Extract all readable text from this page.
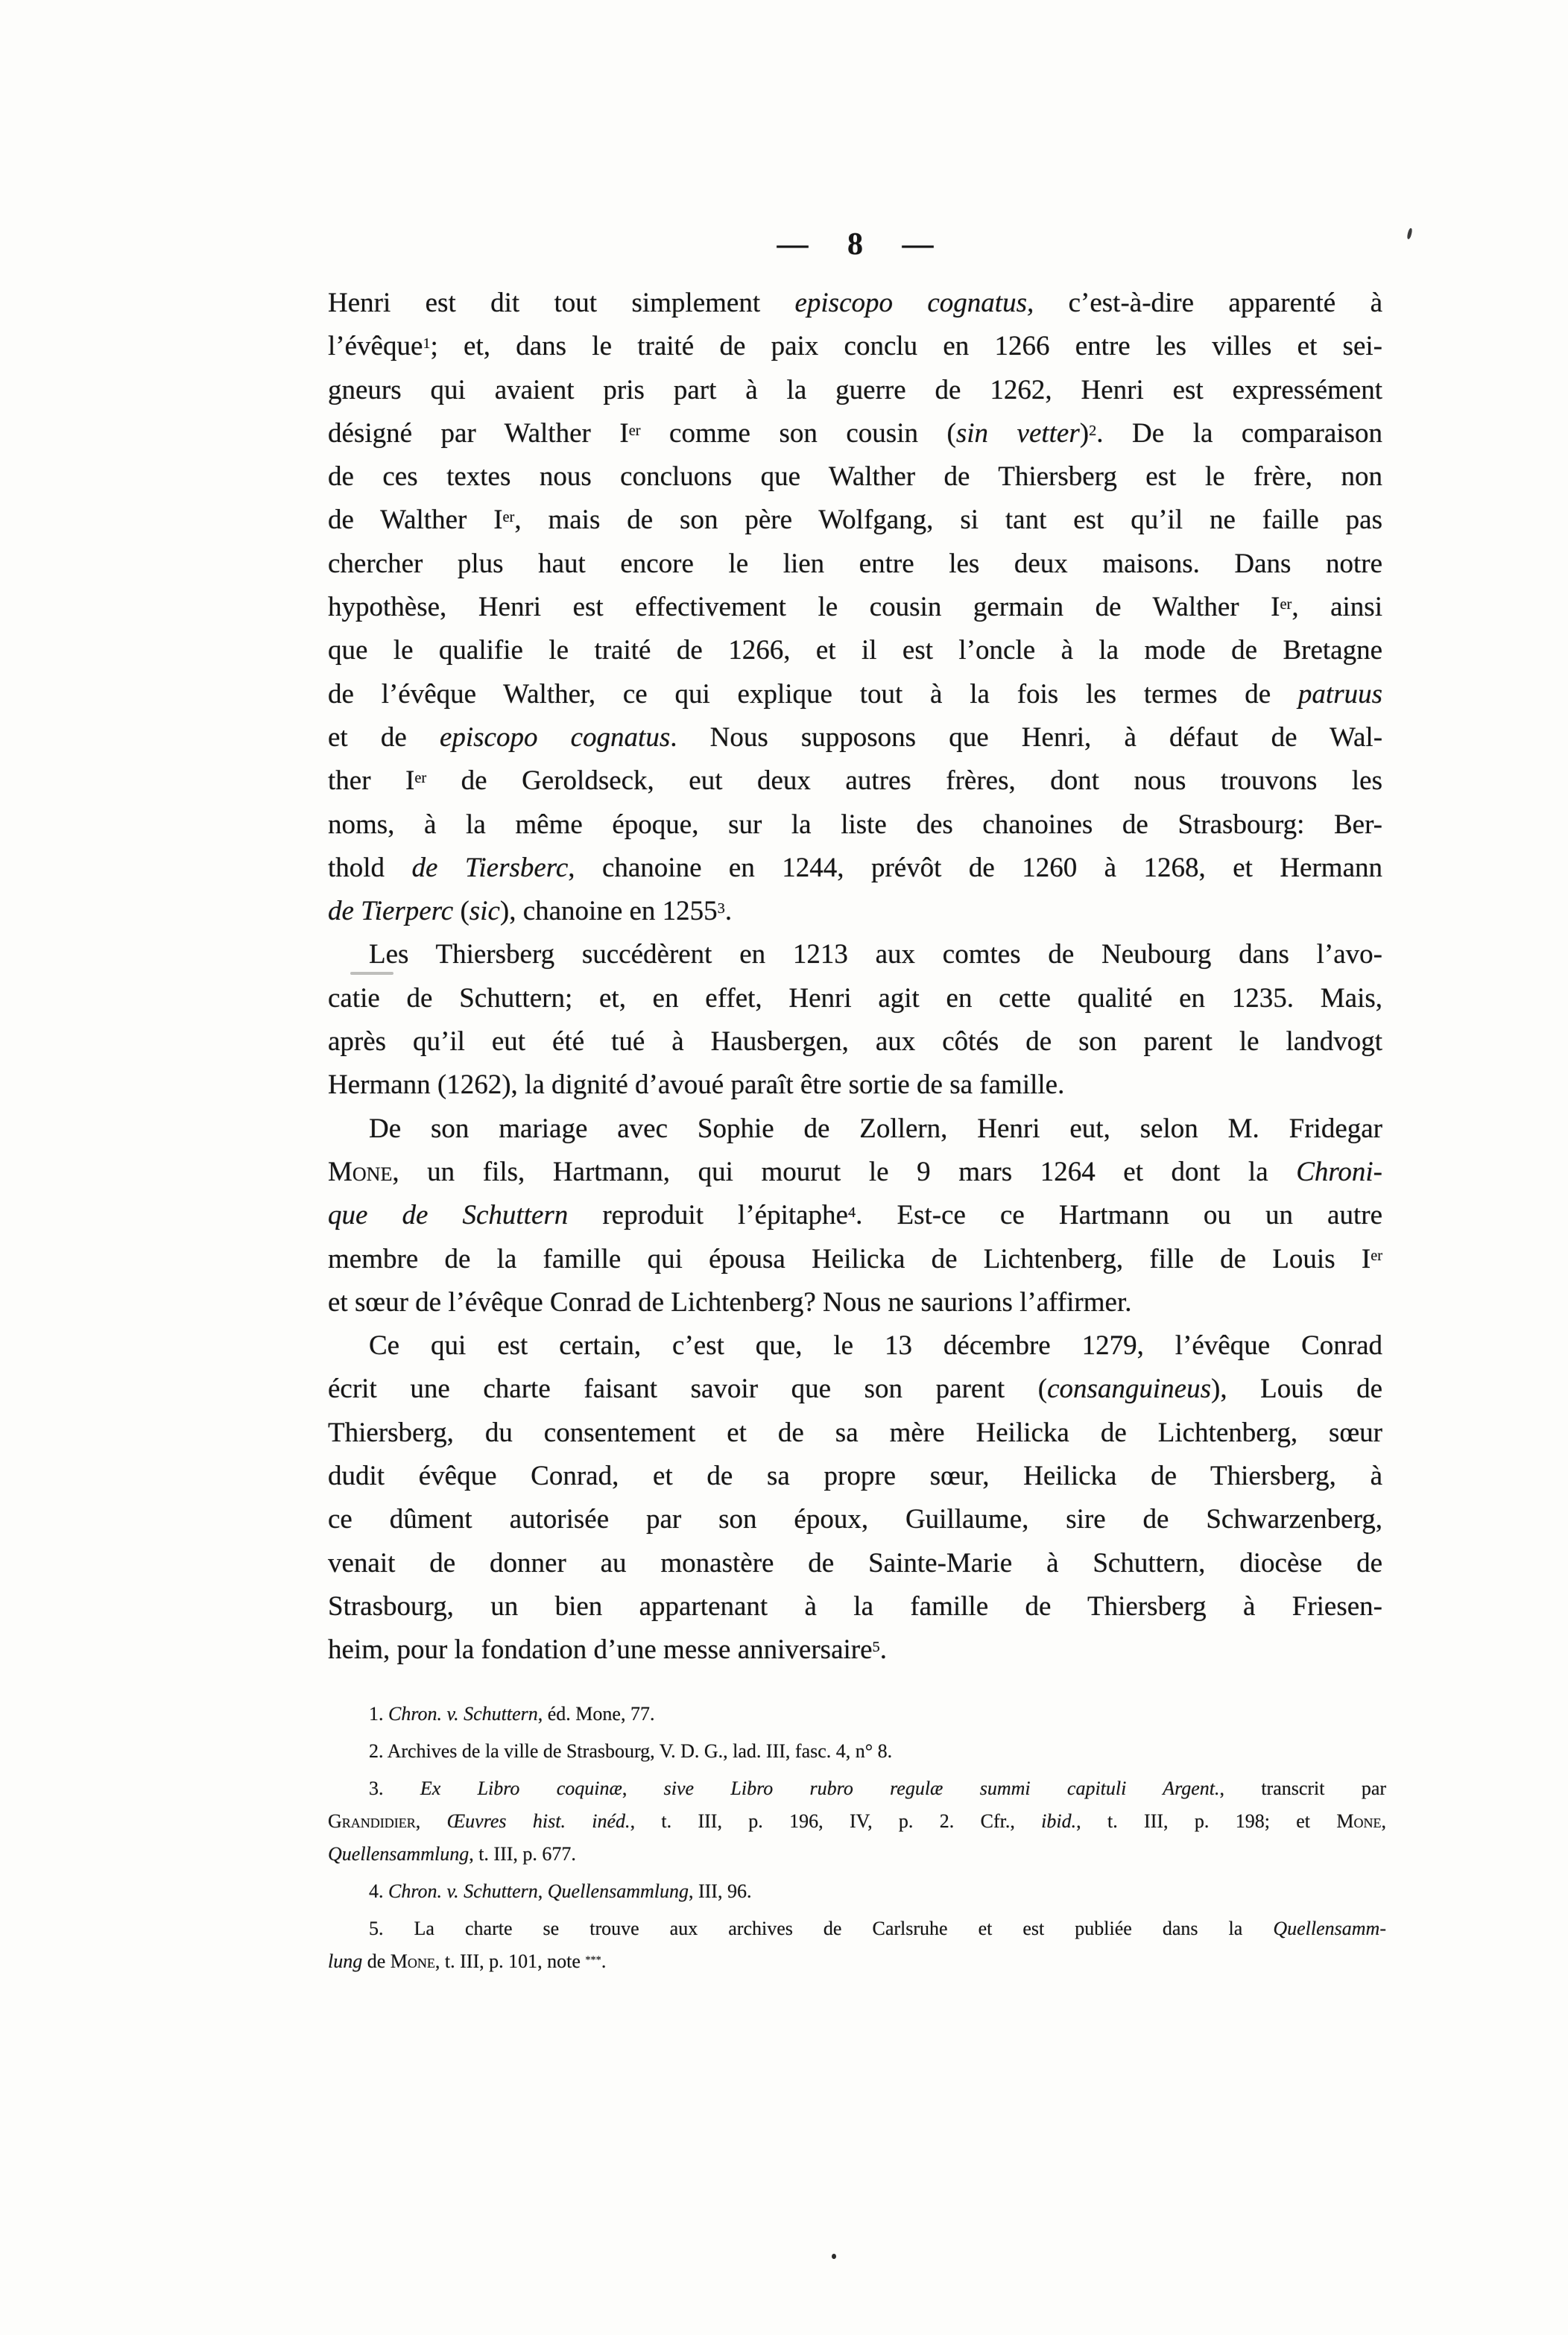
— 8 —
Henri est dit tout simplement episcopo cognatus, c’est-à-dire apparenté à
l’évêque$^1$; et, dans le traité de paix conclu en 1266 entre les villes et sei-
gneurs qui avaient pris part à la guerre de 1262, Henri est expressément
désigné par Walther Ier comme son cousin (sin vetter)$^2$. De la comparaison
de ces textes nous concluons que Walther de Thiersberg est le frère, non
de Walther Ier, mais de son père Wolfgang, si tant est qu’il ne faille pas
chercher plus haut encore le lien entre les deux maisons. Dans notre
hypothèse, Henri est effectivement le cousin germain de Walther Ier, ainsi
que le qualifie le traité de 1266, et il est l’oncle à la mode de Bretagne
de l’évêque Walther, ce qui explique tout à la fois les termes de patruus
et de episcopo cognatus. Nous supposons que Henri, à défaut de Wal-
ther Ier de Geroldseck, eut deux autres frères, dont nous trouvons les
noms, à la même époque, sur la liste des chanoines de Strasbourg: Ber-
thold de Tiersberc, chanoine en 1244, prévôt de 1260 à 1268, et Hermann
de Tierperc (sic), chanoine en 1255$^3$.
Les Thiersberg succédèrent en 1213 aux comtes de Neubourg dans l’avo-
catie de Schuttern; et, en effet, Henri agit en cette qualité en 1235. Mais,
après qu’il eut été tué à Hausbergen, aux côtés de son parent le landvogt
Hermann (1262), la dignité d’avoué paraît être sortie de sa famille.
De son mariage avec Sophie de Zollern, Henri eut, selon M. Fridegar
Mone, un fils, Hartmann, qui mourut le 9 mars 1264 et dont la Chroni-
que de Schuttern reproduit l’épitaphe$^4$. Est-ce ce Hartmann ou un autre
membre de la famille qui épousa Heilicka de Lichtenberg, fille de Louis Ier
et sœur de l’évêque Conrad de Lichtenberg? Nous ne saurions l’affirmer.
Ce qui est certain, c’est que, le 13 décembre 1279, l’évêque Conrad
écrit une charte faisant savoir que son parent (consanguineus), Louis de
Thiersberg, du consentement et de sa mère Heilicka de Lichtenberg, sœur
dudit évêque Conrad, et de sa propre sœur, Heilicka de Thiersberg, à
ce dûment autorisée par son époux, Guillaume, sire de Schwarzenberg,
venait de donner au monastère de Sainte-Marie à Schuttern, diocèse de
Strasbourg, un bien appartenant à la famille de Thiersberg à Friesen-
heim, pour la fondation d’une messe anniversaire$^5$.
1. Chron. v. Schuttern, éd. Mone, 77.
2. Archives de la ville de Strasbourg, V. D. G., lad. III, fasc. 4, n° 8.
3. Ex Libro coquinæ, sive Libro rubro regulæ summi capituli Argent., transcrit par
Grandidier, Œuvres hist. inéd., t. III, p. 196, IV, p. 2. Cfr., ibid., t. III, p. 198; et Mone,
Quellensammlung, t. III, p. 677.
4. Chron. v. Schuttern, Quellensammlung, III, 96.
5. La charte se trouve aux archives de Carlsruhe et est publiée dans la Quellensamm-
lung de Mone, t. III, p. 101, note ***.
